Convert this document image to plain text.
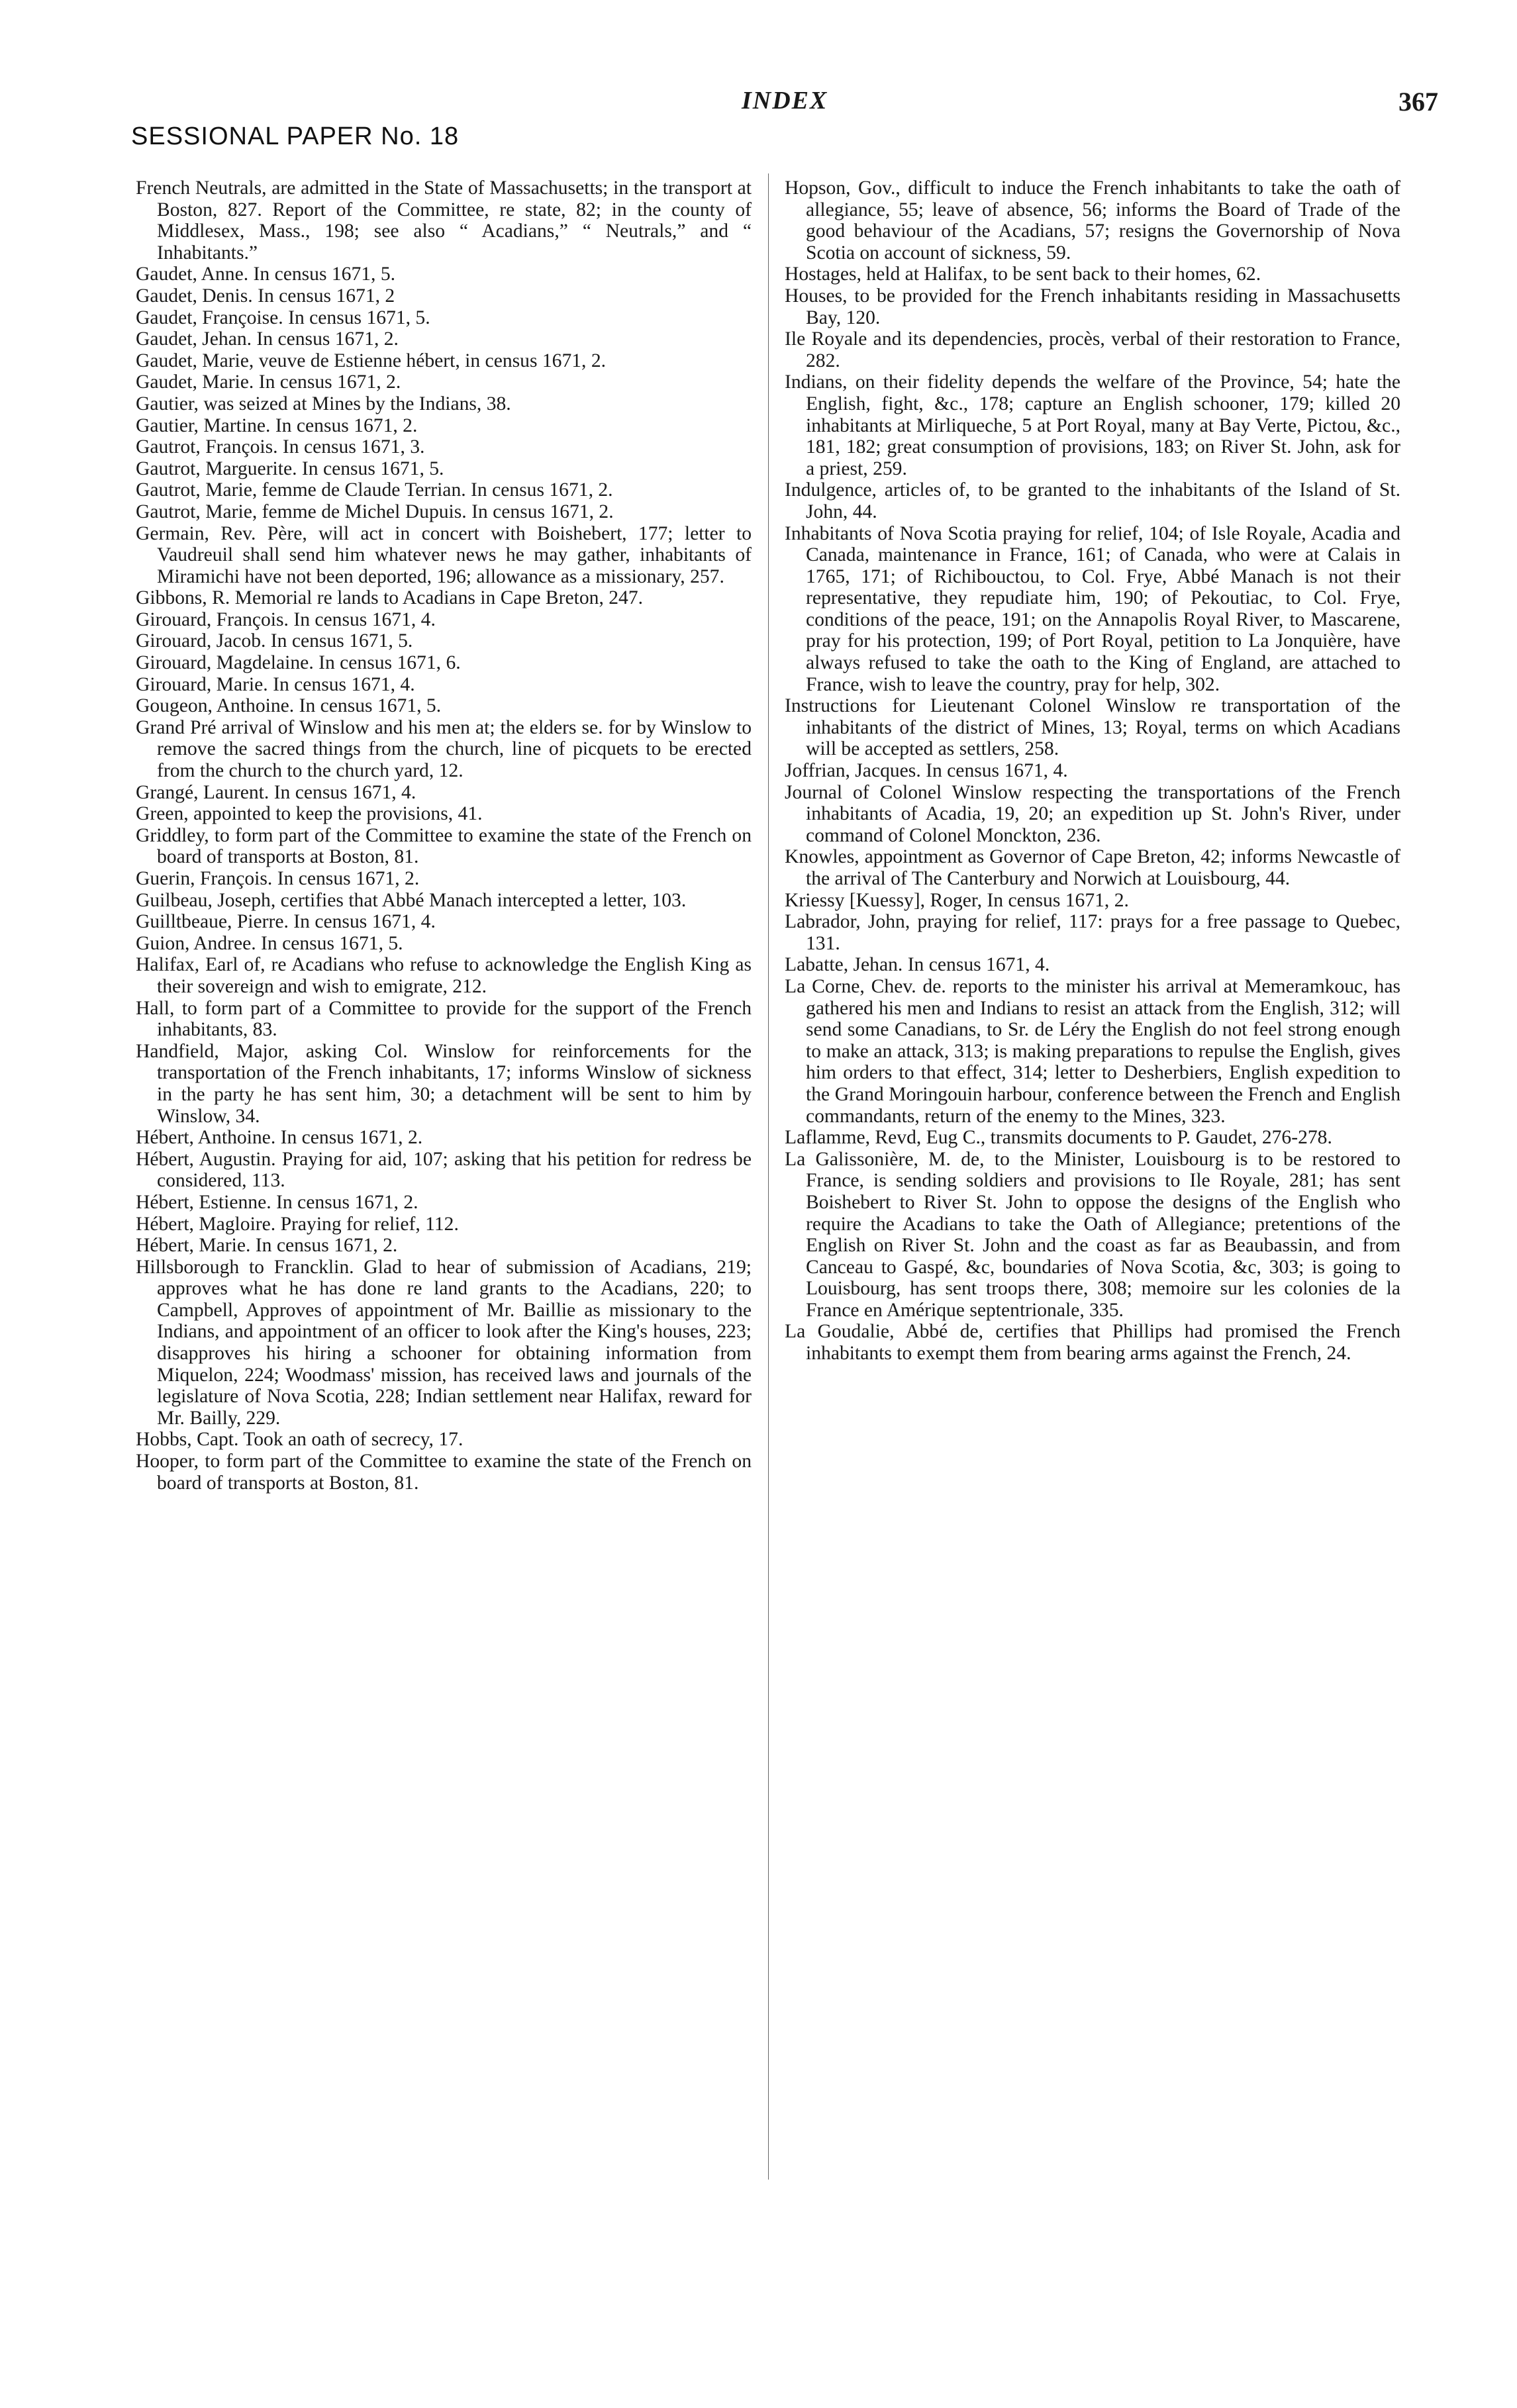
SESSIONAL PAPER No. 18
INDEX	367

French Neutrals, are admitted in the State of Massachusetts; in the transport at Boston, 827. Report of the Committee, re state, 82; in the county of Middlesex, Mass., 198; see also “ Acadians,” “ Neutrals,” and “ Inhabitants.”

Gaudet, Anne. In census 1671, 5.

Gaudet, Denis. In census 1671, 2

Gaudet, Françoise. In census 1671, 5.

Gaudet, Jehan. In census 1671, 2.

Gaudet, Marie, veuve de Estienne hébert, in census 1671, 2.

Gaudet, Marie. In census 1671, 2.

Gautier, was seized at Mines by the Indians, 38.

Gautier, Martine. In census 1671, 2.

Gautrot, François. In census 1671, 3.

Gautrot, Marguerite. In census 1671, 5.

Gautrot, Marie, femme de Claude Terrian. In census 1671, 2.

Gautrot, Marie, femme de Michel Dupuis. In census 1671, 2.

Germain, Rev. Père, will act in concert with Boishebert, 177; letter to Vaudreuil shall send him whatever news he may gather, inhabitants of Miramichi have not been deported, 196; allowance as a missionary, 257.

Gibbons, R. Memorial re lands to Acadians in Cape Breton, 247.

Girouard, François. In census 1671, 4.

Girouard, Jacob. In census 1671, 5.

Girouard, Magdelaine. In census 1671, 6.

Girouard, Marie. In census 1671, 4.

Gougeon, Anthoine. In census 1671, 5.

Grand Pré arrival of Winslow and his men at; the elders se. for by Winslow to remove the sacred things from the church, line of picquets to be erected from the church to the church yard, 12.

Grangé, Laurent. In census 1671, 4.

Green, appointed to keep the provisions, 41.

Griddley, to form part of the Committee to examine the state of the French on board of transports at Boston, 81.

Guerin, François. In census 1671, 2.

Guilbeau, Joseph, certifies that Abbé Manach intercepted a letter, 103.

Guilltbeaue, Pierre. In census 1671, 4.

Guion, Andree. In census 1671, 5.

Halifax, Earl of, re Acadians who refuse to acknowledge the English King as their sovereign and wish to emigrate, 212.

Hall, to form part of a Committee to provide for the support of the French inhabitants, 83.

Handfield, Major, asking Col. Winslow for reinforcements for the transportation of the French inhabitants, 17; informs Winslow of sickness in the party he has sent him, 30; a detachment will be sent to him by Winslow, 34.

Hébert, Anthoine. In census 1671, 2.

Hébert, Augustin. Praying for aid, 107; asking that his petition for redress be considered, 113.

Hébert, Estienne. In census 1671, 2.

Hébert, Magloire. Praying for relief, 112.

Hébert, Marie. In census 1671, 2.

Hillsborough to Francklin. Glad to hear of submission of Acadians, 219; approves what he has done re land grants to the Acadians, 220; to Campbell, Approves of appointment of Mr. Baillie as missionary to the Indians, and appointment of an officer to look after the King's houses, 223; disapproves his hiring a schooner for obtaining information from Miquelon, 224; Woodmass' mission, has received laws and journals of the legislature of Nova Scotia, 228; Indian settlement near Halifax, reward for Mr. Bailly, 229.

Hobbs, Capt. Took an oath of secrecy, 17.

Hooper, to form part of the Committee to examine the state of the French on board of transports at Boston, 81.

Hopson, Gov., difficult to induce the French inhabitants to take the oath of allegiance, 55; leave of absence, 56; informs the Board of Trade of the good behaviour of the Acadians, 57; resigns the Governorship of Nova Scotia on account of sickness, 59.

Hostages, held at Halifax, to be sent back to their homes, 62.

Houses, to be provided for the French inhabitants residing in Massachusetts Bay, 120.

Ile Royale and its dependencies, procès, verbal of their restoration to France, 282.

Indians, on their fidelity depends the welfare of the Province, 54; hate the English, fight, &c., 178; capture an English schooner, 179; killed 20 inhabitants at Mirliqueche, 5 at Port Royal, many at Bay Verte, Pictou, &c., 181, 182; great consumption of provisions, 183; on River St. John, ask for a priest, 259.

Indulgence, articles of, to be granted to the inhabitants of the Island of St. John, 44.

Inhabitants of Nova Scotia praying for relief, 104; of Isle Royale, Acadia and Canada, maintenance in France, 161; of Canada, who were at Calais in 1765, 171; of Richibouctou, to Col. Frye, Abbé Manach is not their representative, they repudiate him, 190; of Pekoutiac, to Col. Frye, conditions of the peace, 191; on the Annapolis Royal River, to Mascarene, pray for his protection, 199; of Port Royal, petition to La Jonquière, have always refused to take the oath to the King of England, are attached to France, wish to leave the country, pray for help, 302.

Instructions for Lieutenant Colonel Winslow re transportation of the inhabitants of the district of Mines, 13; Royal, terms on which Acadians will be accepted as settlers, 258.

Joffrian, Jacques. In census 1671, 4.

Journal of Colonel Winslow respecting the transportations of the French inhabitants of Acadia, 19, 20; an expedition up St. John's River, under command of Colonel Monckton, 236.

Knowles, appointment as Governor of Cape Breton, 42; informs Newcastle of the arrival of The Canterbury and Norwich at Louisbourg, 44.

Kriessy [Kuessy], Roger, In census 1671, 2.

Labrador, John, praying for relief, 117: prays for a free passage to Quebec, 131.

Labatte, Jehan. In census 1671, 4.

La Corne, Chev. de. reports to the minister his arrival at Memeramkouc, has gathered his men and Indians to resist an attack from the English, 312; will send some Canadians, to Sr. de Léry the English do not feel strong enough to make an attack, 313; is making preparations to repulse the English, gives him orders to that effect, 314; letter to Desherbiers, English expedition to the Grand Moringouin harbour, conference between the French and English commandants, return of the enemy to the Mines, 323.

Laflamme, Revd, Eug C., transmits documents to P. Gaudet, 276-278.

La Galissonière, M. de, to the Minister, Louisbourg is to be restored to France, is sending soldiers and provisions to Ile Royale, 281; has sent Boishebert to River St. John to oppose the designs of the English who require the Acadians to take the Oath of Allegiance; pretentions of the English on River St. John and the coast as far as Beaubassin, and from Canceau to Gaspé, &c, boundaries of Nova Scotia, &c, 303; is going to Louisbourg, has sent troops there, 308; memoire sur les colonies de la France en Amérique septentrionale, 335.

La Goudalie, Abbé de, certifies that Phillips had promised the French inhabitants to exempt them from bearing arms against the French, 24.
